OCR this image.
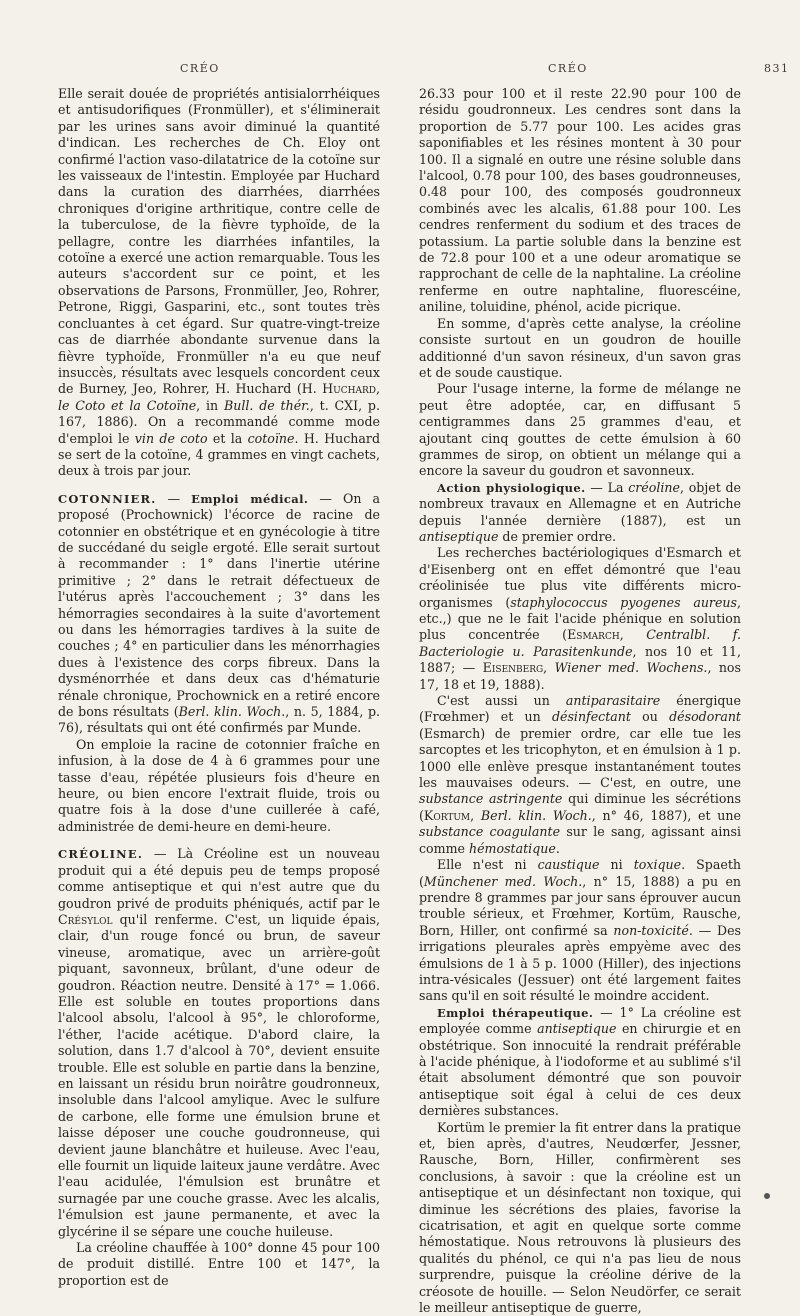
CRÉO	CRÉO	831

Elle serait douée de propriétés antisialorrhéiques et antisudorifiques (Fronmüller), et s'éliminerait par les urines sans avoir diminué la quantité d'indican. Les recherches de Ch. Eloy ont confirmé l'action vaso-dilatatrice de la cotoïne sur les vaisseaux de l'intestin. Employée par Huchard dans la curation des diarrhées, diarrhées chroniques d'origine arthritique, contre celle de la tuberculose, de la fièvre typhoïde, de la pellagre, contre les diarrhées infantiles, la cotoïne a exercé une action remarquable. Tous les auteurs s'accordent sur ce point, et les observations de Parsons, Fronmüller, Jeo, Rohrer, Petrone, Riggi, Gasparini, etc., sont toutes très concluantes à cet égard. Sur quatre-vingt-treize cas de diarrhée abondante survenue dans la fièvre typhoïde, Fronmüller n'a eu que neuf insuccès, résultats avec lesquels concordent ceux de Burney, Jeo, Rohrer, H. Huchard (H. Huchard, le Coto et la Cotoïne, in Bull. de thér., t. CXI, p. 167, 1886). On a recommandé comme mode d'emploi le vin de coto et la cotoïne. H. Huchard se sert de la cotoïne, 4 grammes en vingt cachets, deux à trois par jour.

COTONNIER. — Emploi médical. — On a proposé (Prochownick) l'écorce de racine de cotonnier en obstétrique et en gynécologie à titre de succédané du seigle ergoté. Elle serait surtout à recommander : 1° dans l'inertie utérine primitive ; 2° dans le retrait défectueux de l'utérus après l'accouchement ; 3° dans les hémorragies secondaires à la suite d'avortement ou dans les hémorragies tardives à la suite de couches ; 4° en particulier dans les ménorrhagies dues à l'existence des corps fibreux. Dans la dysménorrhée et dans deux cas d'hématurie rénale chronique, Prochownick en a retiré encore de bons résultats (Berl. klin. Woch., n. 5, 1884, p. 76), résultats qui ont été confirmés par Munde.

On emploie la racine de cotonnier fraîche en infusion, à la dose de 4 à 6 grammes pour une tasse d'eau, répétée plusieurs fois d'heure en heure, ou bien encore l'extrait fluide, trois ou quatre fois à la dose d'une cuillerée à café, administrée de demi-heure en demi-heure.

CRÉOLINE. — Là Créoline est un nouveau produit qui a été depuis peu de temps proposé comme antiseptique et qui n'est autre que du goudron privé de produits phéniqués, actif par le Crésylol qu'il renferme. C'est, un liquide épais, clair, d'un rouge foncé ou brun, de saveur vineuse, aromatique, avec un arrière-goût piquant, savonneux, brûlant, d'une odeur de goudron. Réaction neutre. Densité à 17° = 1.066. Elle est soluble en toutes proportions dans l'alcool absolu, l'alcool à 95°, le chloroforme, l'éther, l'acide acétique. D'abord claire, la solution, dans 1.7 d'alcool à 70°, devient ensuite trouble. Elle est soluble en partie dans la benzine, en laissant un résidu brun noirâtre goudronneux, insoluble dans l'alcool amylique. Avec le sulfure de carbone, elle forme une émulsion brune et laisse déposer une couche goudronneuse, qui devient jaune blanchâtre et huileuse. Avec l'eau, elle fournit un liquide laiteux jaune verdâtre. Avec l'eau acidulée, l'émulsion est brunâtre et surnagée par une couche grasse. Avec les alcalis, l'émulsion est jaune permanente, et avec la glycérine il se sépare une couche huileuse.

La créoline chauffée à 100° donne 45 pour 100 de produit distillé. Entre 100 et 147°, la proportion est de

26.33 pour 100 et il reste 22.90 pour 100 de résidu goudronneux. Les cendres sont dans la proportion de 5.77 pour 100. Les acides gras saponifiables et les résines montent à 30 pour 100. Il a signalé en outre une résine soluble dans l'alcool, 0.78 pour 100, des bases goudronneuses, 0.48 pour 100, des composés goudronneux combinés avec les alcalis, 61.88 pour 100. Les cendres renferment du sodium et des traces de potassium. La partie soluble dans la benzine est de 72.8 pour 100 et a une odeur aromatique se rapprochant de celle de la naphtaline. La créoline renferme en outre naphtaline, fluorescéine, aniline, toluidine, phénol, acide picrique.

En somme, d'après cette analyse, la créoline consiste surtout en un goudron de houille additionné d'un savon résineux, d'un savon gras et de soude caustique.

Pour l'usage interne, la forme de mélange ne peut être adoptée, car, en diffusant 5 centigrammes dans 25 grammes d'eau, et ajoutant cinq gouttes de cette émulsion à 60 grammes de sirop, on obtient un mélange qui a encore la saveur du goudron et savonneux.

Action physiologique. — La créoline, objet de nombreux travaux en Allemagne et en Autriche depuis l'année dernière (1887), est un antiseptique de premier ordre.

Les recherches bactériologiques d'Esmarch et d'Eisenberg ont en effet démontré que l'eau créolinisée tue plus vite différents micro-organismes (staphylococcus pyogenes aureus, etc.,) que ne le fait l'acide phénique en solution plus concentrée (Esmarch, Centralbl. f. Bacteriologie u. Parasitenkunde, nos 10 et 11, 1887; — Eisenberg, Wiener med. Wochens., nos 17, 18 et 19, 1888).

C'est aussi un antiparasitaire énergique (Frœhmer) et un désinfectant ou désodorant (Esmarch) de premier ordre, car elle tue les sarcoptes et les tricophyton, et en émulsion à 1 p. 1000 elle enlève presque instantanément toutes les mauvaises odeurs. — C'est, en outre, une substance astringente qui diminue les sécrétions (Kortum, Berl. klin. Woch., n° 46, 1887), et une substance coagulante sur le sang, agissant ainsi comme hémostatique.

Elle n'est ni caustique ni toxique. Spaeth (Münchener med. Woch., n° 15, 1888) a pu en prendre 8 grammes par jour sans éprouver aucun trouble sérieux, et Frœhmer, Kortüm, Rausche, Born, Hiller, ont confirmé sa non-toxicité. — Des irrigations pleurales après empyème avec des émulsions de 1 à 5 p. 1000 (Hiller), des injections intra-vésicales (Jessuer) ont été largement faites sans qu'il en soit résulté le moindre accident.

Emploi thérapeutique. — 1° La créoline est employée comme antiseptique en chirurgie et en obstétrique. Son innocuité la rendrait préférable à l'acide phénique, à l'iodoforme et au sublimé s'il était absolument démontré que son pouvoir antiseptique soit égal à celui de ces deux dernières substances.

Kortüm le premier la fit entrer dans la pratique et, bien après, d'autres, Neudœrfer, Jessner, Rausche, Born, Hiller, confirmèrent ses conclusions, à savoir : que la créoline est un antiseptique et un désinfectant non toxique, qui diminue les sécrétions des plaies, favorise la cicatrisation, et agit en quelque sorte comme hémostatique. Nous retrouvons là plusieurs des qualités du phénol, ce qui n'a pas lieu de nous surprendre, puisque la créoline dérive de la créosote de houille. — Selon Neudörfer, ce serait le meilleur antiseptique de guerre,
